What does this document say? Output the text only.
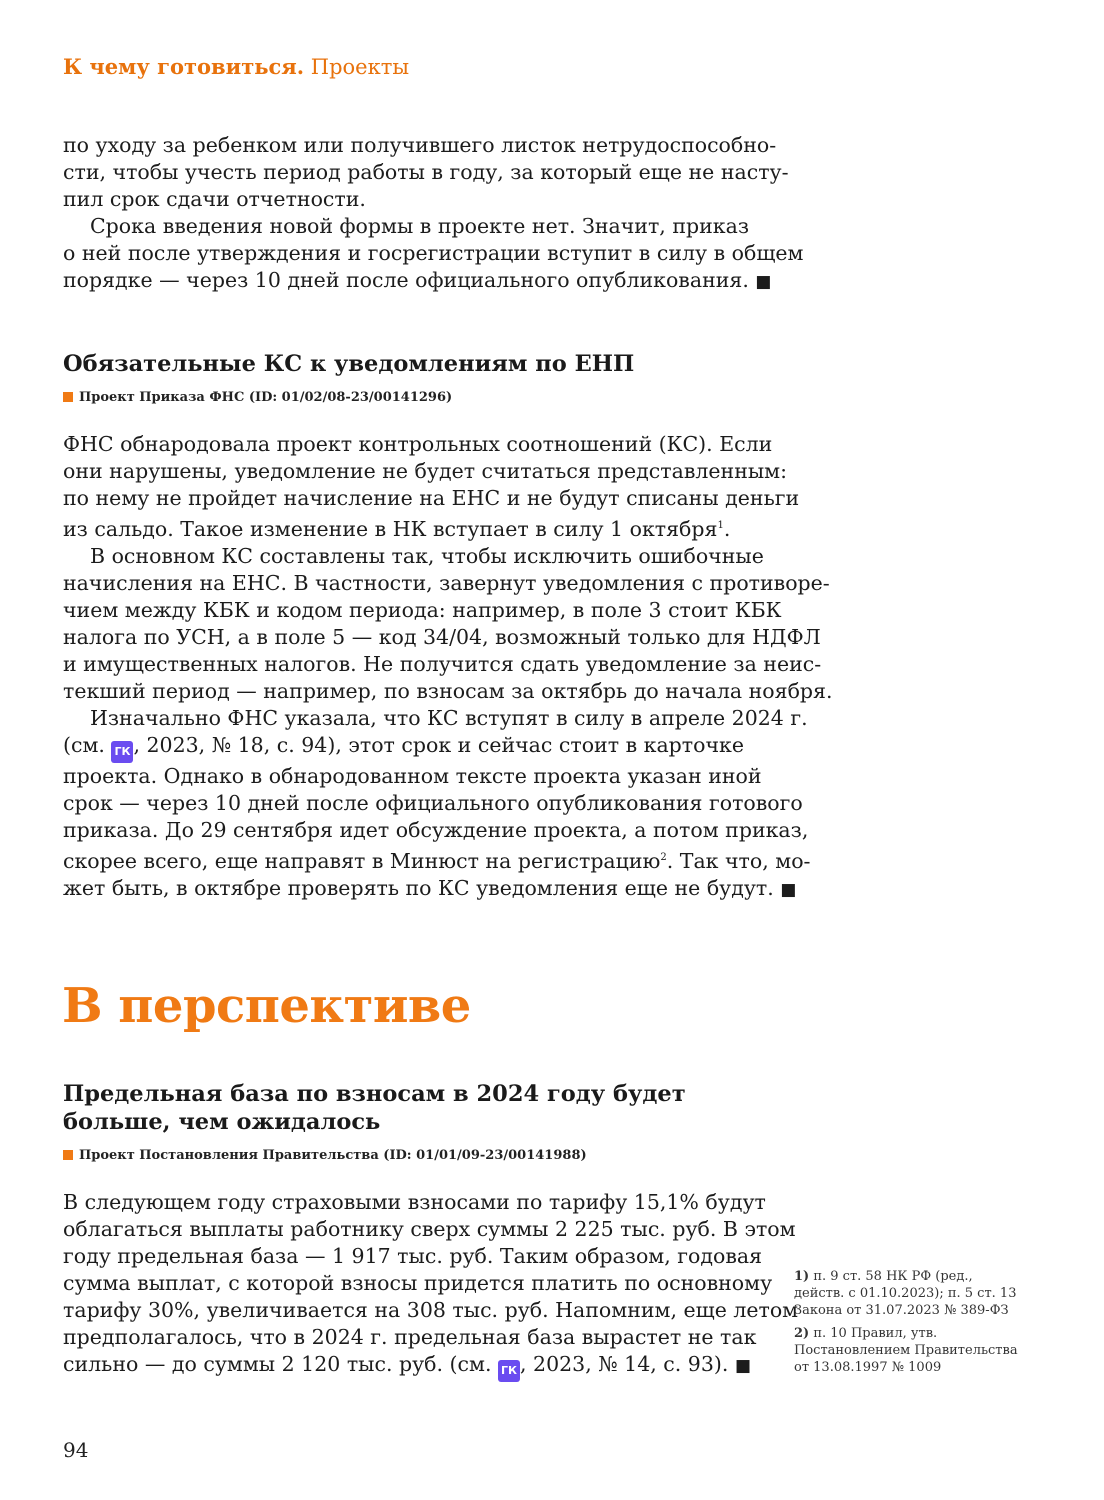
К чему готовиться. Проекты

по уходу за ребенком или получившего листок нетрудоспособно-
сти, чтобы учесть период работы в году, за который еще не насту-
пил срок сдачи отчетности.

Срока введения новой формы в проекте нет. Значит, приказ

о ней после утверждения и госрегистрации вступит в силу в общем
порядке — через 10 дней после официального опубликования. ■

Обязательные КС к уведомлениям по ЕНП

Проект Приказа ФНС (ID: 01/02/08-23/00141296)

ФНС обнародовала проект контрольных соотношений (КС). Если
они нарушены, уведомление не будет считаться представленным:
по нему не пройдет начисление на ЕНС и не будут списаны деньги
из сальдо. Такое изменение в НК вступает в силу 1 октября$^1$.

В основном КС составлены так, чтобы исключить ошибочные
начисления на ЕНС. В частности, завернут уведомления с противоре-
чием между КБК и кодом периода: например, в поле 3 стоит КБК
налога по УСН, а в поле 5 — код 34/04, возможный только для НДФЛ
и имущественных налогов. Не получится сдать уведомление за неис-
текший период — например, по взносам за октябрь до начала ноября.

Изначально ФНС указала, что КС вступят в силу в апреле 2024 г.
(см. ГК , 2023, № 18, с. 94), этот срок и сейчас стоит в карточке
проекта. Однако в обнародованном тексте проекта указан иной
срок — через 10 дней после официального опубликования готового
приказа. До 29 сентября идет обсуждение проекта, а потом приказ,
скорее всего, еще направят в Минюст на регистрацию$^2$. Так что, мо-
жет быть, в октябре проверять по КС уведомления еще не будут. ■

В перспективе
Предельная база по взносам в 2024 году будет
больше, чем ожидалось

Проект Постановления Правительства (ID: 01/01/09-23/00141988)

В следующем году страховыми взносами по тарифу 15,1% будут
облагаться выплаты работнику сверх суммы 2 225 тыс. руб. В этом
году предельная база — 1 917 тыс. руб. Таким образом, годовая
сумма выплат, с которой взносы придется платить по основному
тарифу 30%, увеличивается на 308 тыс. руб. Напомним, еще летом
предполагалось, что в 2024 г. предельная база вырастет не так
сильно — до суммы 2 120 тыс. руб. (см. ГК , 2023, № 14, с. 93). ■

1) п. 9 ст. 58 НК РФ (ред.,
действ. с 01.10.2023); п. 5 ст. 13
Закона от 31.07.2023 № 389-ФЗ
2) п. 10 Правил, утв.
Постановлением Правительства
от 13.08.1997 № 1009
94
